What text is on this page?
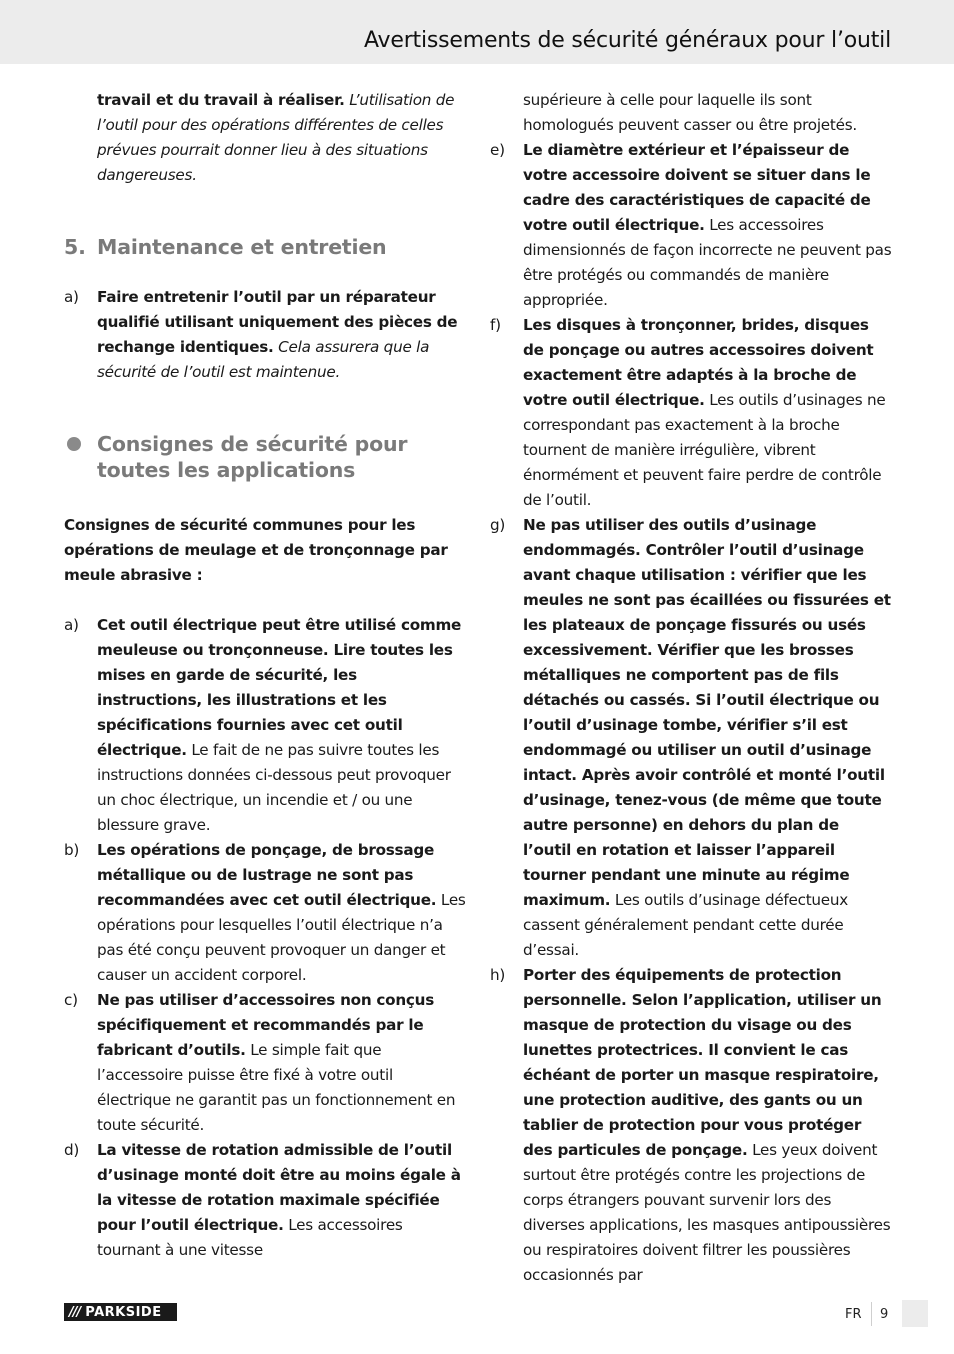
Avertissements de sécurité généraux pour l’outil

travail et du travail à réaliser. L’utilisation de l’outil pour des opérations différentes de celles prévues pourrait donner lieu à des situations dangereuses.

5. Maintenance et entretien

a) Faire entretenir l’outil par un réparateur qualifié utilisant uniquement des pièces de rechange identiques. Cela assurera que la sécurité de l’outil est maintenue.

Consignes de sécurité pour toutes les applications

Consignes de sécurité communes pour les opérations de meulage et de tronçonnage par meule abrasive :

a) Cet outil électrique peut être utilisé comme meuleuse ou tronçonneuse. Lire toutes les mises en garde de sécurité, les instructions, les illustrations et les spécifications fournies avec cet outil électrique. Le fait de ne pas suivre toutes les instructions données ci-dessous peut provoquer un choc électrique, un incendie et / ou une blessure grave.

b) Les opérations de ponçage, de brossage métallique ou de lustrage ne sont pas recommandées avec cet outil électrique. Les opérations pour lesquelles l’outil électrique n’a pas été conçu peuvent provoquer un danger et causer un accident corporel.

c) Ne pas utiliser d’accessoires non conçus spécifiquement et recommandés par le fabricant d’outils. Le simple fait que l’accessoire puisse être fixé à votre outil électrique ne garantit pas un fonctionnement en toute sécurité.

d) La vitesse de rotation admissible de l’outil d’usinage monté doit être au moins égale à la vitesse de rotation maximale spécifiée pour l’outil électrique. Les accessoires tournant à une vitesse

supérieure à celle pour laquelle ils sont homologués peuvent casser ou être projetés.

e) Le diamètre extérieur et l’épaisseur de votre accessoire doivent se situer dans le cadre des caractéristiques de capacité de votre outil électrique. Les accessoires dimensionnés de façon incorrecte ne peuvent pas être protégés ou commandés de manière appropriée.

f) Les disques à tronçonner, brides, disques de ponçage ou autres accessoires doivent exactement être adaptés à la broche de votre outil électrique. Les outils d’usinages ne correspondant pas exactement à la broche tournent de manière irrégulière, vibrent énormément et peuvent faire perdre de contrôle de l’outil.

g) Ne pas utiliser des outils d’usinage endommagés. Contrôler l’outil d’usinage avant chaque utilisation : vérifier que les meules ne sont pas écaillées ou fissurées et les plateaux de ponçage fissurés ou usés excessivement. Vérifier que les brosses métalliques ne comportent pas de fils détachés ou cassés. Si l’outil électrique ou l’outil d’usinage tombe, vérifier s’il est endommagé ou utiliser un outil d’usinage intact. Après avoir contrôlé et monté l’outil d’usinage, tenez-vous (de même que toute autre personne) en dehors du plan de l’outil en rotation et laisser l’appareil tourner pendant une minute au régime maximum. Les outils d’usinage défectueux cassent généralement pendant cette durée d’essai.

h) Porter des équipements de protection personnelle. Selon l’application, utiliser un masque de protection du visage ou des lunettes protectrices. Il convient le cas échéant de porter un masque respiratoire, une protection auditive, des gants ou un tablier de protection pour vous protéger des particules de ponçage. Les yeux doivent surtout être protégés contre les projections de corps étrangers pouvant survenir lors des diverses applications, les masques antipoussières ou respiratoires doivent filtrer les poussières occasionnés par

/// PARKSIDE	FR 9
